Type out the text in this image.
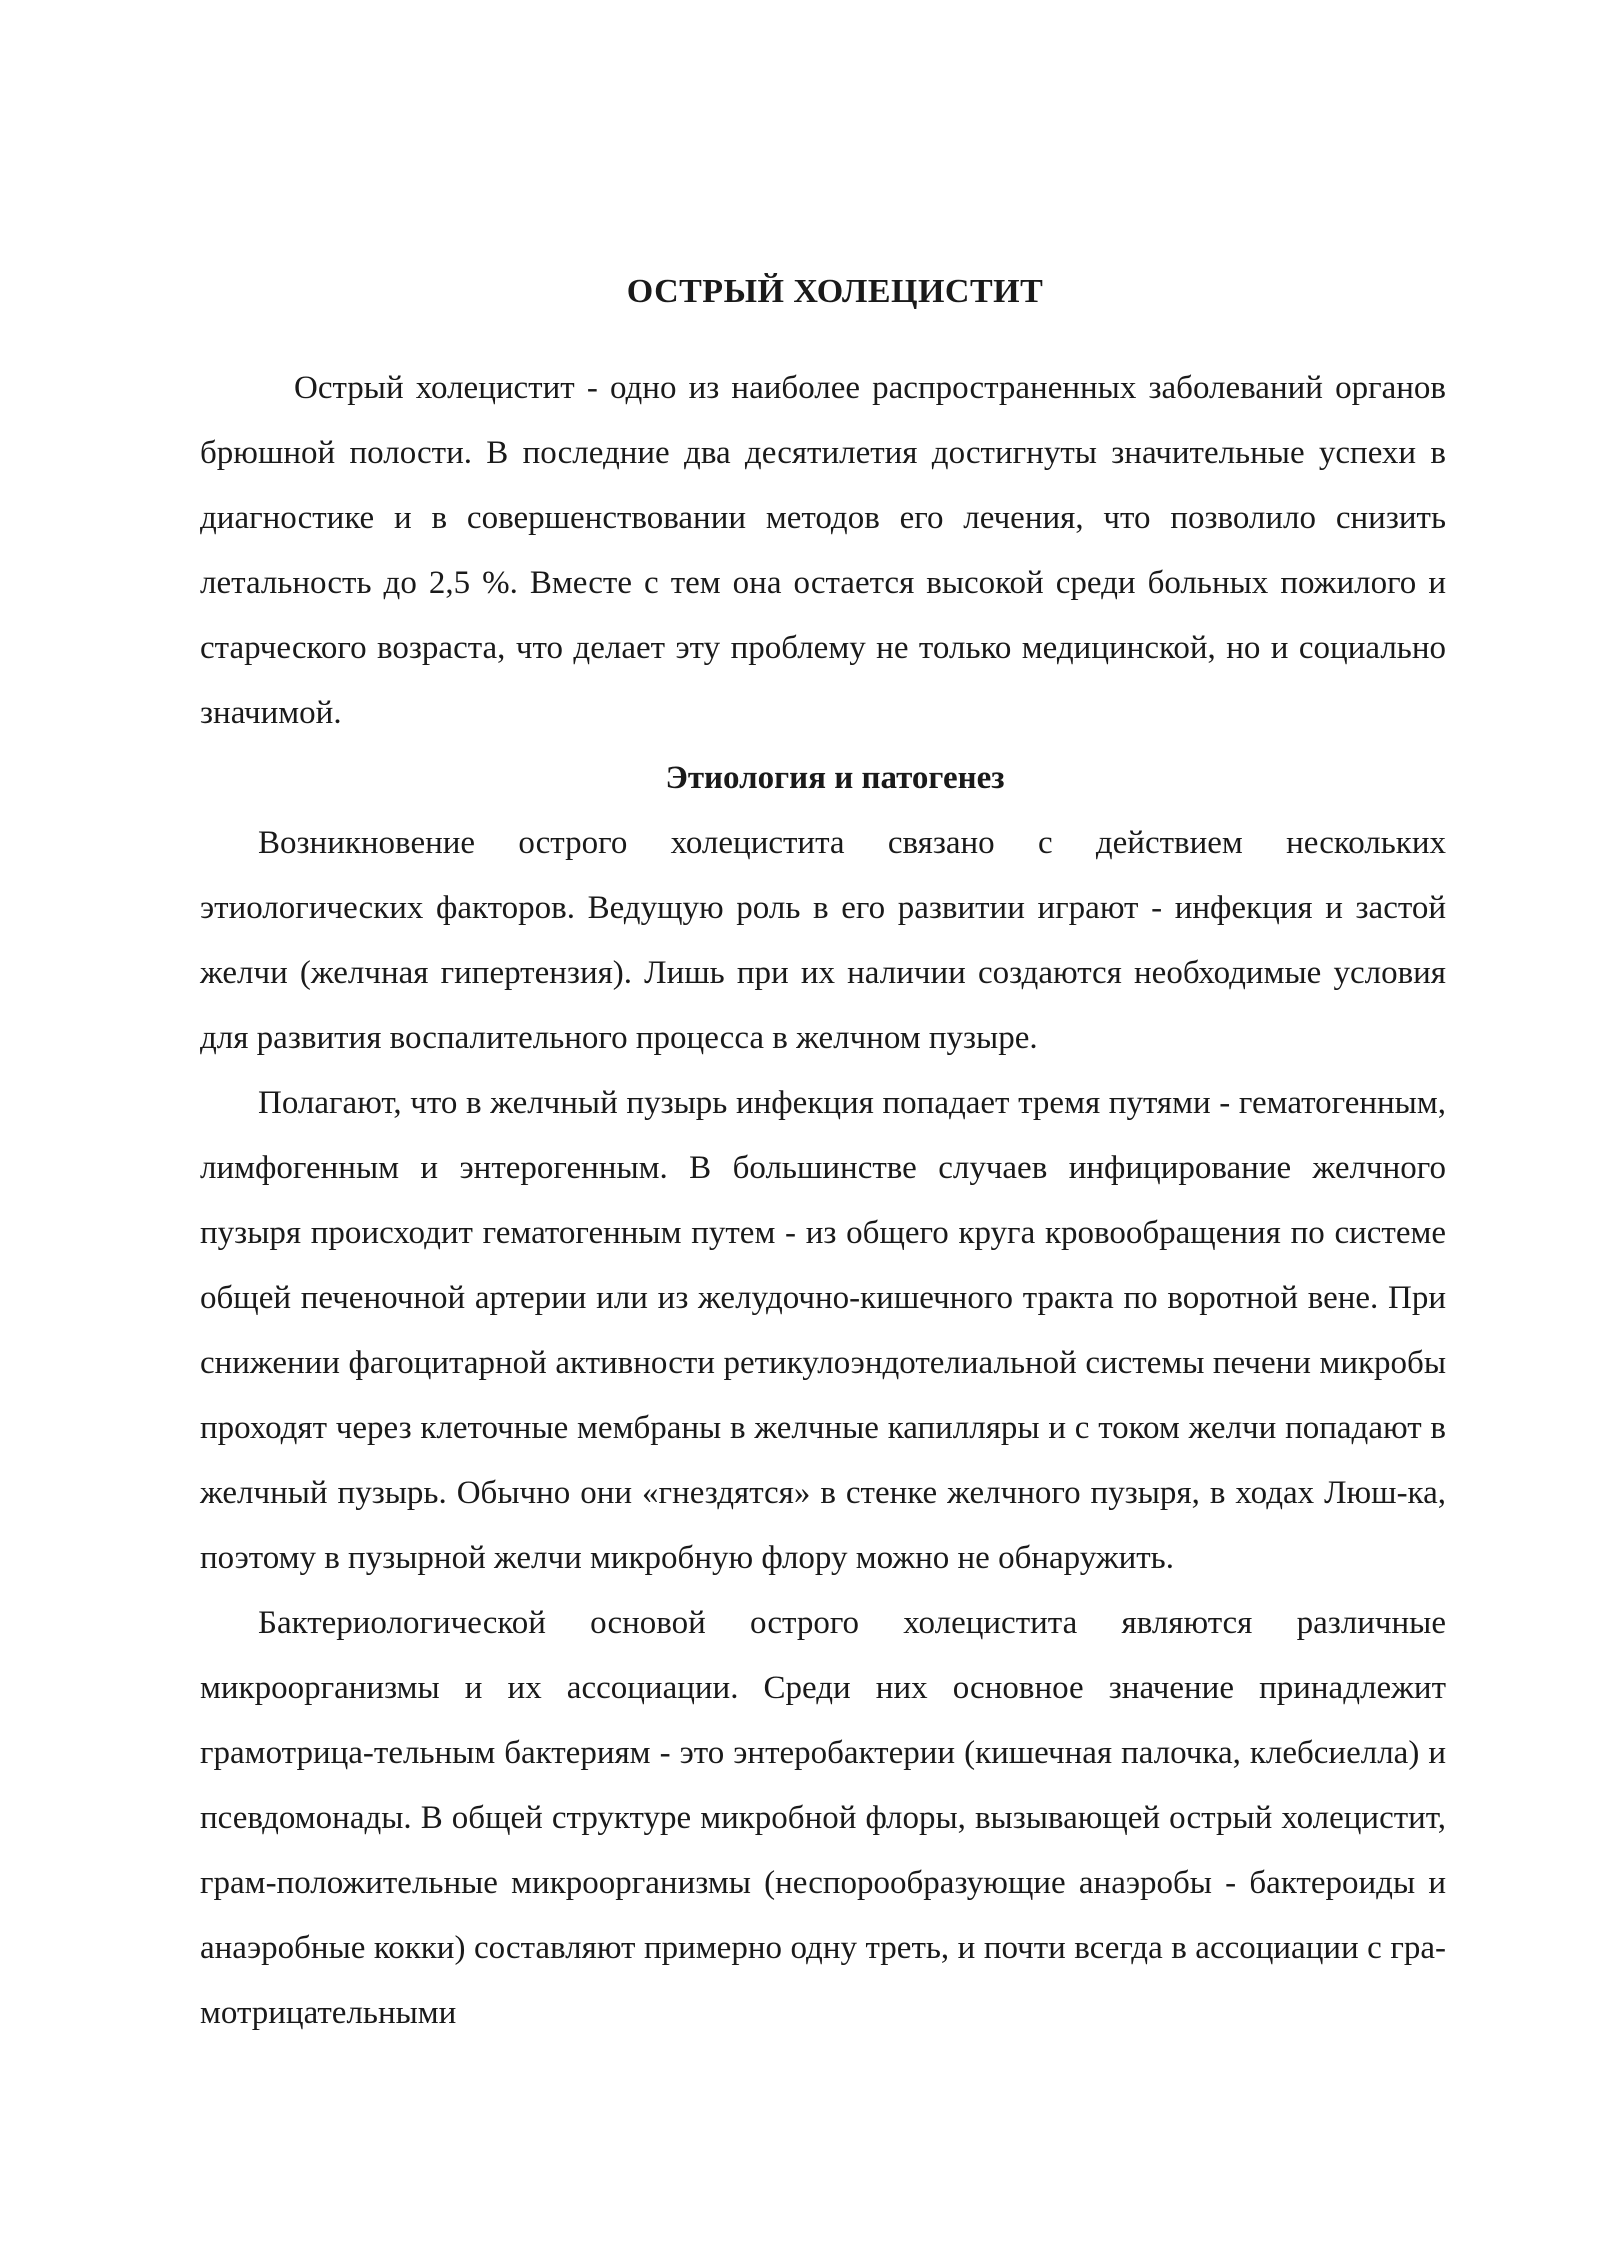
ОСТРЫЙ ХОЛЕЦИСТИТ

Острый холецистит - одно из наиболее распространенных заболеваний органов брюшной полости. В последние два десятилетия достигнуты значительные успехи в диагностике и в совершенствовании методов его лечения, что позволило снизить летальность до 2,5 %. Вместе с тем она остается высокой среди больных пожилого и старческого возраста, что делает эту проблему не только медицинской, но и социально значимой.

Этиология и патогенез

Возникновение острого холецистита связано с действием нескольких этиологических факторов. Ведущую роль в его развитии играют - инфекция и застой желчи (желчная гипертензия). Лишь при их наличии создаются необходимые условия для развития воспалительного процесса в желчном пузыре.

Полагают, что в желчный пузырь инфекция попадает тремя путями - гематогенным, лимфогенным и энтерогенным. В большинстве случаев инфицирование желчного пузыря происходит гематогенным путем - из общего круга кровообращения по системе общей печеночной артерии или из желудочно-кишечного тракта по воротной вене. При снижении фагоцитарной активности ретикулоэндотелиальной системы печени микробы проходят через клеточные мембраны в желчные капилляры и с током желчи попадают в желчный пузырь. Обычно они «гнездятся» в стенке желчного пузыря, в ходах Люш-ка, поэтому в пузырной желчи микробную флору можно не обнаружить.

Бактериологической основой острого холецистита являются различные микроорганизмы и их ассоциации. Среди них основное значение принадлежит грамотрица-тельным бактериям - это энтеробактерии (кишечная палочка, клебсиелла) и псевдомонады. В общей структуре микробной флоры, вызывающей острый холецистит, грам-положительные микроорганизмы (неспорообразующие анаэробы - бактероиды и анаэробные кокки) составляют примерно одну треть, и почти всегда в ассоциации с гра-мотрицательными
